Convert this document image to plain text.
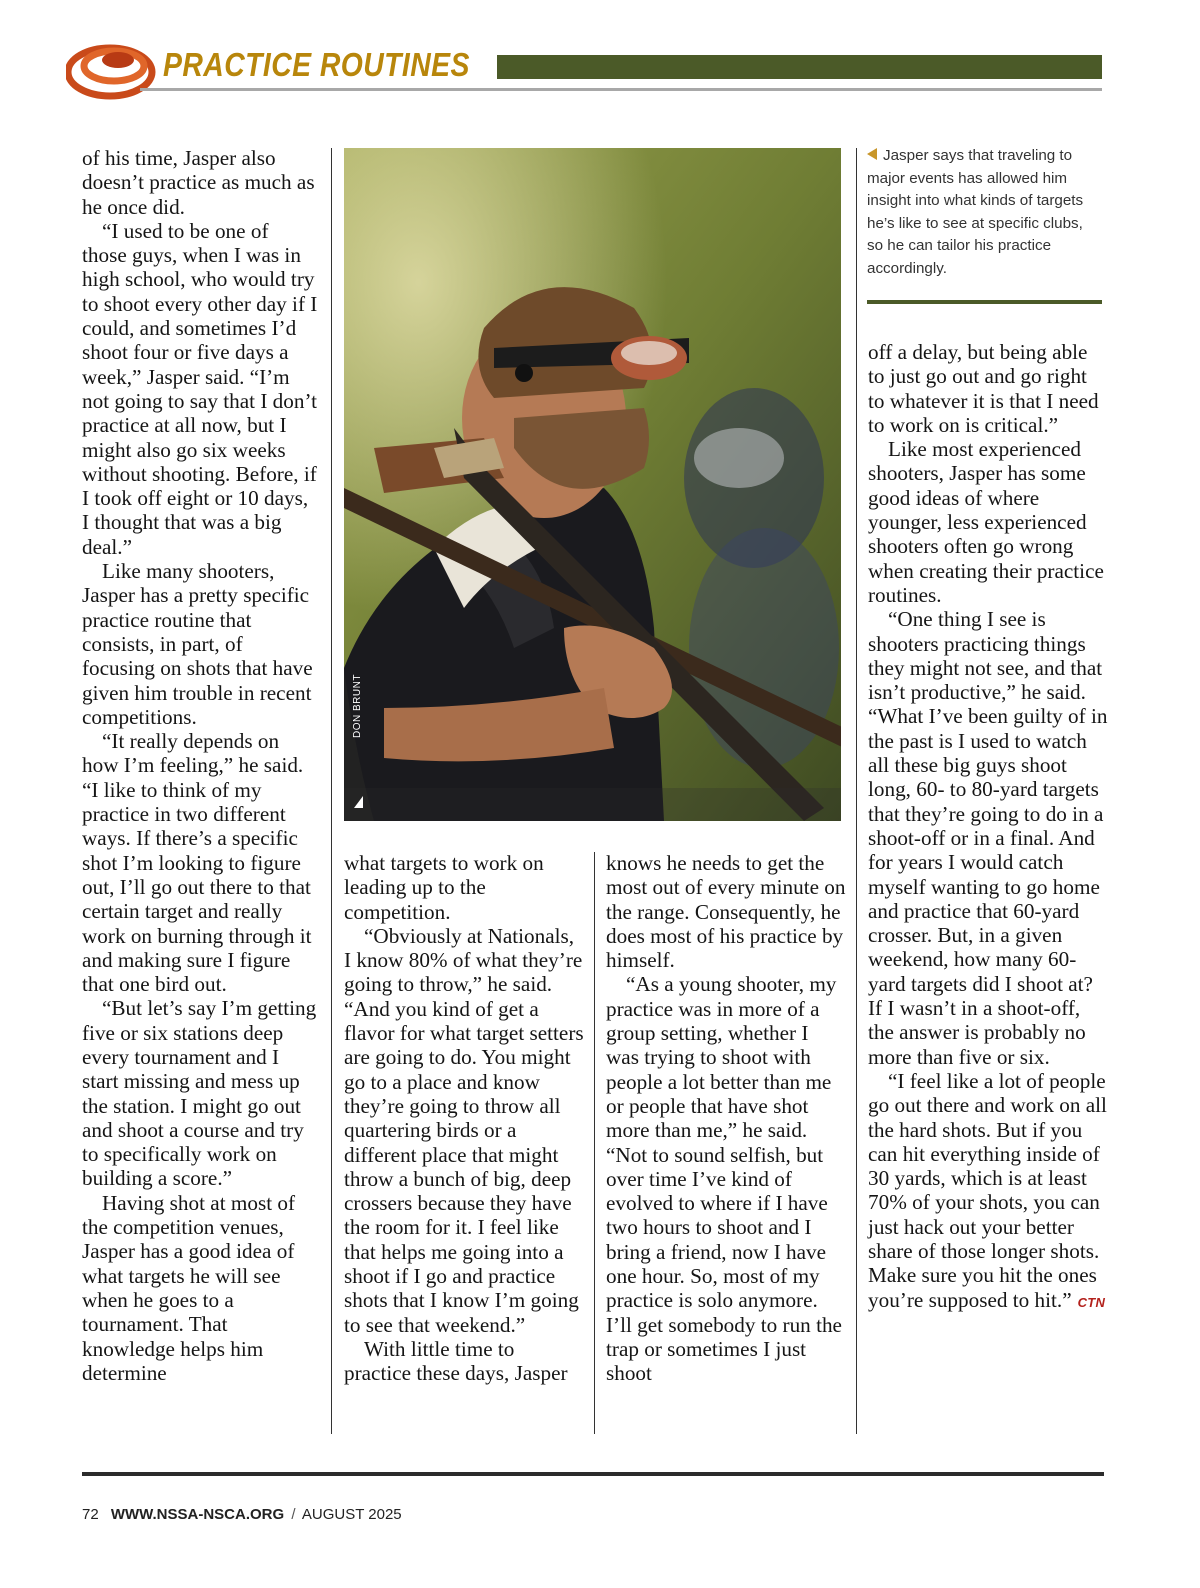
PRACTICE ROUTINES

of his time, Jasper also doesn’t practice as much as he once did.

“I used to be one of those guys, when I was in high school, who would try to shoot every other day if I could, and sometimes I’d shoot four or five days a week,” Jasper said. “I’m not going to say that I don’t practice at all now, but I might also go six weeks without shooting. Before, if I took off eight or 10 days, I thought that was a big deal.”

Like many shooters, Jasper has a pretty specific practice routine that consists, in part, of focusing on shots that have given him trouble in recent competitions.

“It really depends on how I’m feeling,” he said. “I like to think of my practice in two different ways. If there’s a specific shot I’m looking to figure out, I’ll go out there to that certain target and really work on burning through it and making sure I figure that one bird out.

“But let’s say I’m getting five or six stations deep every tournament and I start missing and mess up the station. I might go out and shoot a course and try to specifically work on building a score.”

Having shot at most of the competition venues, Jasper has a good idea of what targets he will see when he goes to a tournament. That knowledge helps him determine

DON BRUNT
Jasper says that traveling to major events has allowed him insight into what kinds of targets he’s like to see at specific clubs, so he can tailor his practice accordingly.

what targets to work on leading up to the competition.

“Obviously at Nationals, I know 80% of what they’re going to throw,” he said. “And you kind of get a flavor for what target setters are going to do. You might go to a place and know they’re going to throw all quartering birds or a different place that might throw a bunch of big, deep crossers because they have the room for it. I feel like that helps me going into a shoot if I go and practice shots that I know I’m going to see that weekend.”

With little time to practice these days, Jasper

knows he needs to get the most out of every minute on the range. Consequently, he does most of his practice by himself.

“As a young shooter, my practice was in more of a group setting, whether I was trying to shoot with people a lot better than me or people that have shot more than me,” he said. “Not to sound selfish, but over time I’ve kind of evolved to where if I have two hours to shoot and I bring a friend, now I have one hour. So, most of my practice is solo anymore. I’ll get somebody to run the trap or sometimes I just shoot

off a delay, but being able to just go out and go right to whatever it is that I need to work on is critical.”

Like most experienced shooters, Jasper has some good ideas of where younger, less experienced shooters often go wrong when creating their practice routines.

“One thing I see is shooters practicing things they might not see, and that isn’t productive,” he said. “What I’ve been guilty of in the past is I used to watch all these big guys shoot long, 60- to 80-yard targets that they’re going to do in a shoot-off or in a final. And for years I would catch myself wanting to go home and practice that 60-yard crosser. But, in a given weekend, how many 60-yard targets did I shoot at? If I wasn’t in a shoot-off, the answer is probably no more than five or six.

“I feel like a lot of people go out there and work on all the hard shots. But if you can hit everything inside of 30 yards, which is at least 70% of your shots, you can just hack out your better share of those longer shots. Make sure you hit the ones you’re supposed to hit.” CTN

72 WWW.NSSA-NSCA.ORG / AUGUST 2025
